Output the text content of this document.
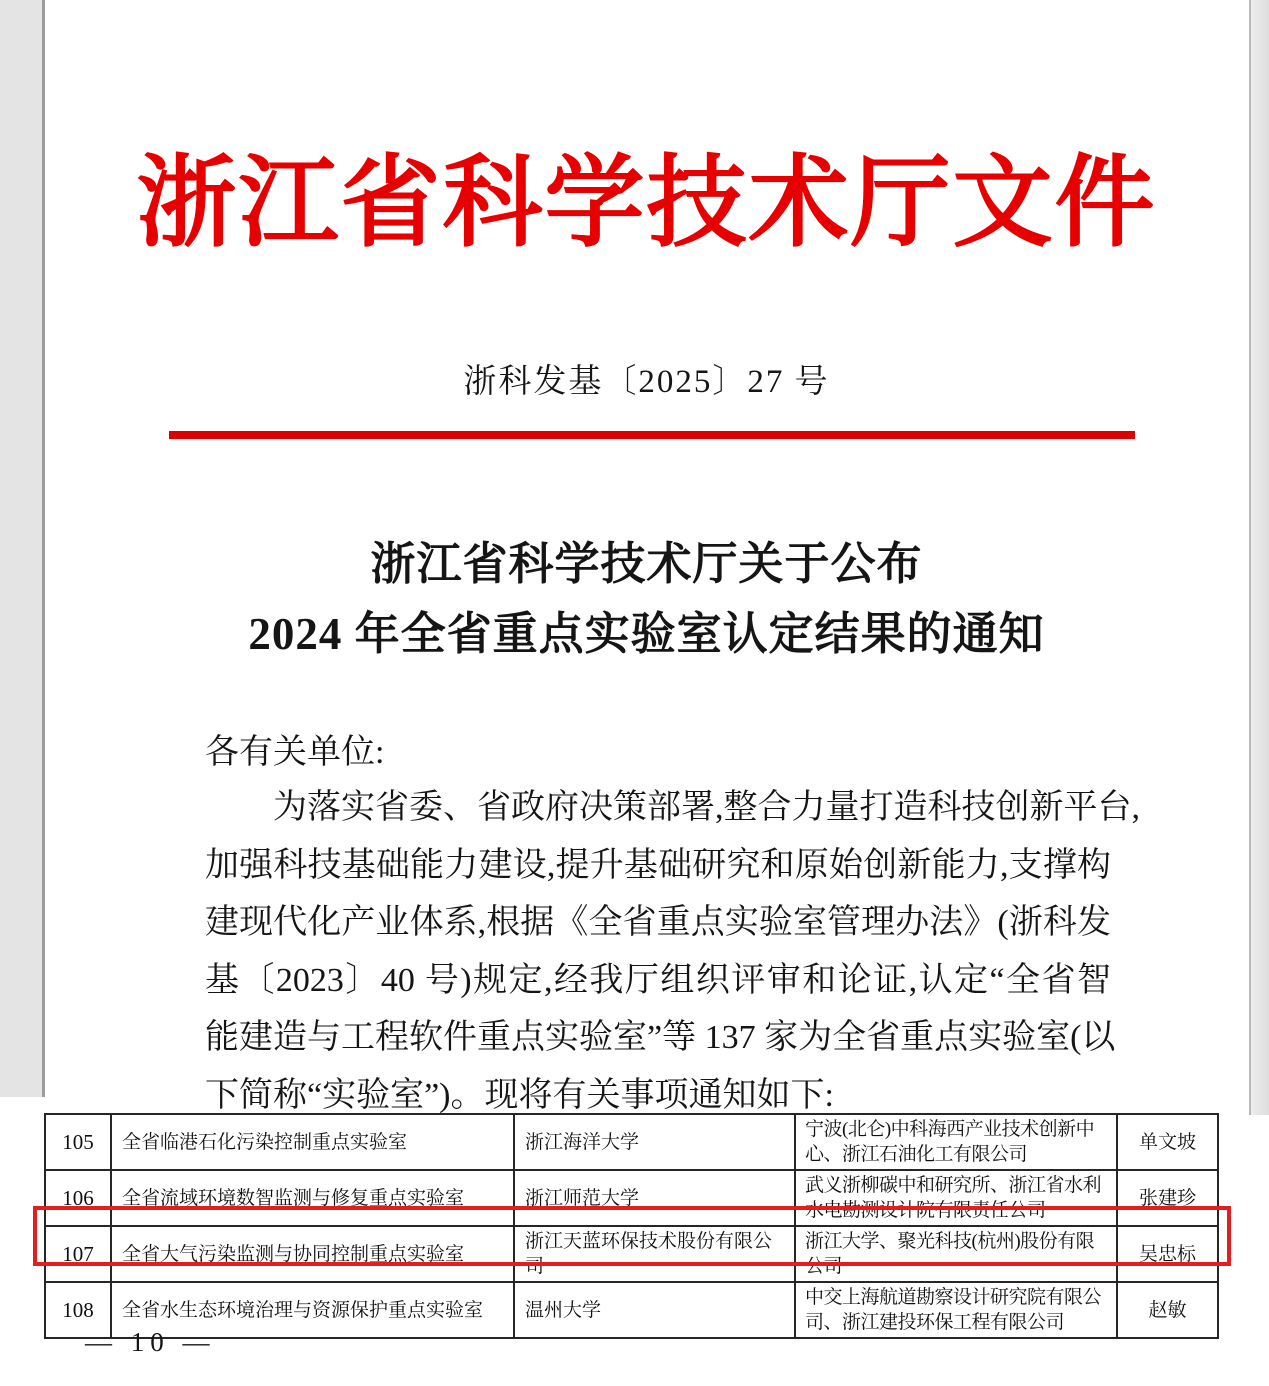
浙江省科学技术厅文件
浙科发基〔2025〕27 号
浙江省科学技术厅关于公布
2024 年全省重点实验室认定结果的通知
各有关单位:
　　为落实省委、省政府决策部署,整合力量打造科技创新平台,
加强科技基础能力建设,提升基础研究和原始创新能力,支撑构
建现代化产业体系,根据《全省重点实验室管理办法》(浙科发
基〔2023〕40 号)规定,经我厅组织评审和论证,认定“全省智
能建造与工程软件重点实验室”等 137 家为全省重点实验室(以
下简称“实验室”)。现将有关事项通知如下:
105	全省临港石化污染控制重点实验室	浙江海洋大学	宁波(北仑)中科海西产业技术创新中心、浙江石油化工有限公司	单文坡
106	全省流域环境数智监测与修复重点实验室	浙江师范大学	武义浙柳碳中和研究所、浙江省水利水电勘测设计院有限责任公司	张建珍
107	全省大气污染监测与协同控制重点实验室	浙江天蓝环保技术股份有限公司	浙江大学、聚光科技(杭州)股份有限公司	吴忠标
108	全省水生态环境治理与资源保护重点实验室	温州大学	中交上海航道勘察设计研究院有限公司、浙江建投环保工程有限公司	赵敏
— 10 —
